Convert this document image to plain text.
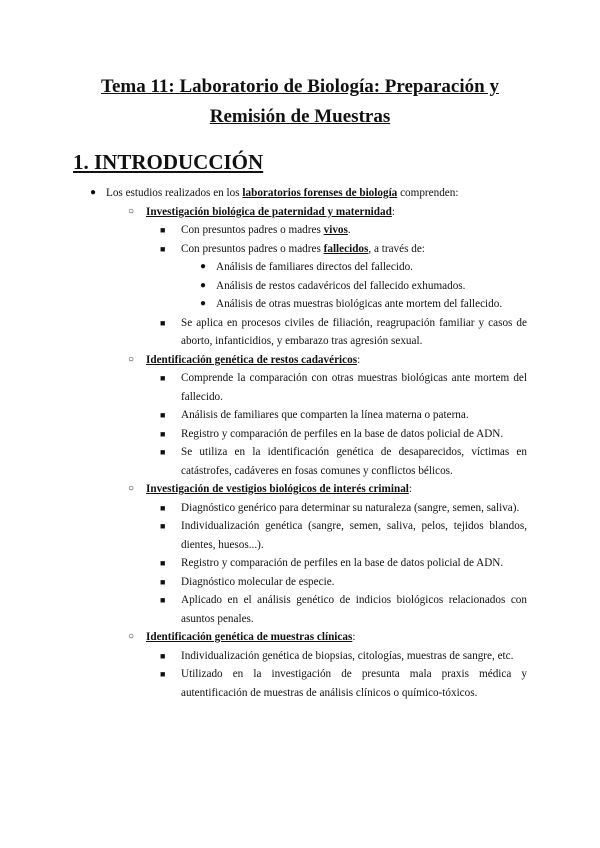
Tema 11: Laboratorio de Biología: Preparación y
Remisión de Muestras
1. INTRODUCCIÓN
● Los estudios realizados en los laboratorios forenses de biología comprenden:
○ Investigación biológica de paternidad y maternidad:
■ Con presuntos padres o madres vivos.
■ Con presuntos padres o madres fallecidos, a través de:
● Análisis de familiares directos del fallecido.
● Análisis de restos cadavéricos del fallecido exhumados.
● Análisis de otras muestras biológicas ante mortem del fallecido.
■ Se aplica en procesos civiles de filiación, reagrupación familiar y casos de aborto, infanticidios, y embarazo tras agresión sexual.
○ Identificación genética de restos cadavéricos:
■ Comprende la comparación con otras muestras biológicas ante mortem del fallecido.
■ Análisis de familiares que comparten la línea materna o paterna.
■ Registro y comparación de perfiles en la base de datos policial de ADN.
■ Se utiliza en la identificación genética de desaparecidos, víctimas en catástrofes, cadáveres en fosas comunes y conflictos bélicos.
○ Investigación de vestigios biológicos de interés criminal:
■ Diagnóstico genérico para determinar su naturaleza (sangre, semen, saliva).
■ Individualización genética (sangre, semen, saliva, pelos, tejidos blandos, dientes, huesos...).
■ Registro y comparación de perfiles en la base de datos policial de ADN.
■ Diagnóstico molecular de especie.
■ Aplicado en el análisis genético de indicios biológicos relacionados con asuntos penales.
○ Identificación genética de muestras clínicas:
■ Individualización genética de biopsias, citologías, muestras de sangre, etc.
■ Utilizado en la investigación de presunta mala praxis médica y autentificación de muestras de análisis clínicos o químico-tóxicos.
